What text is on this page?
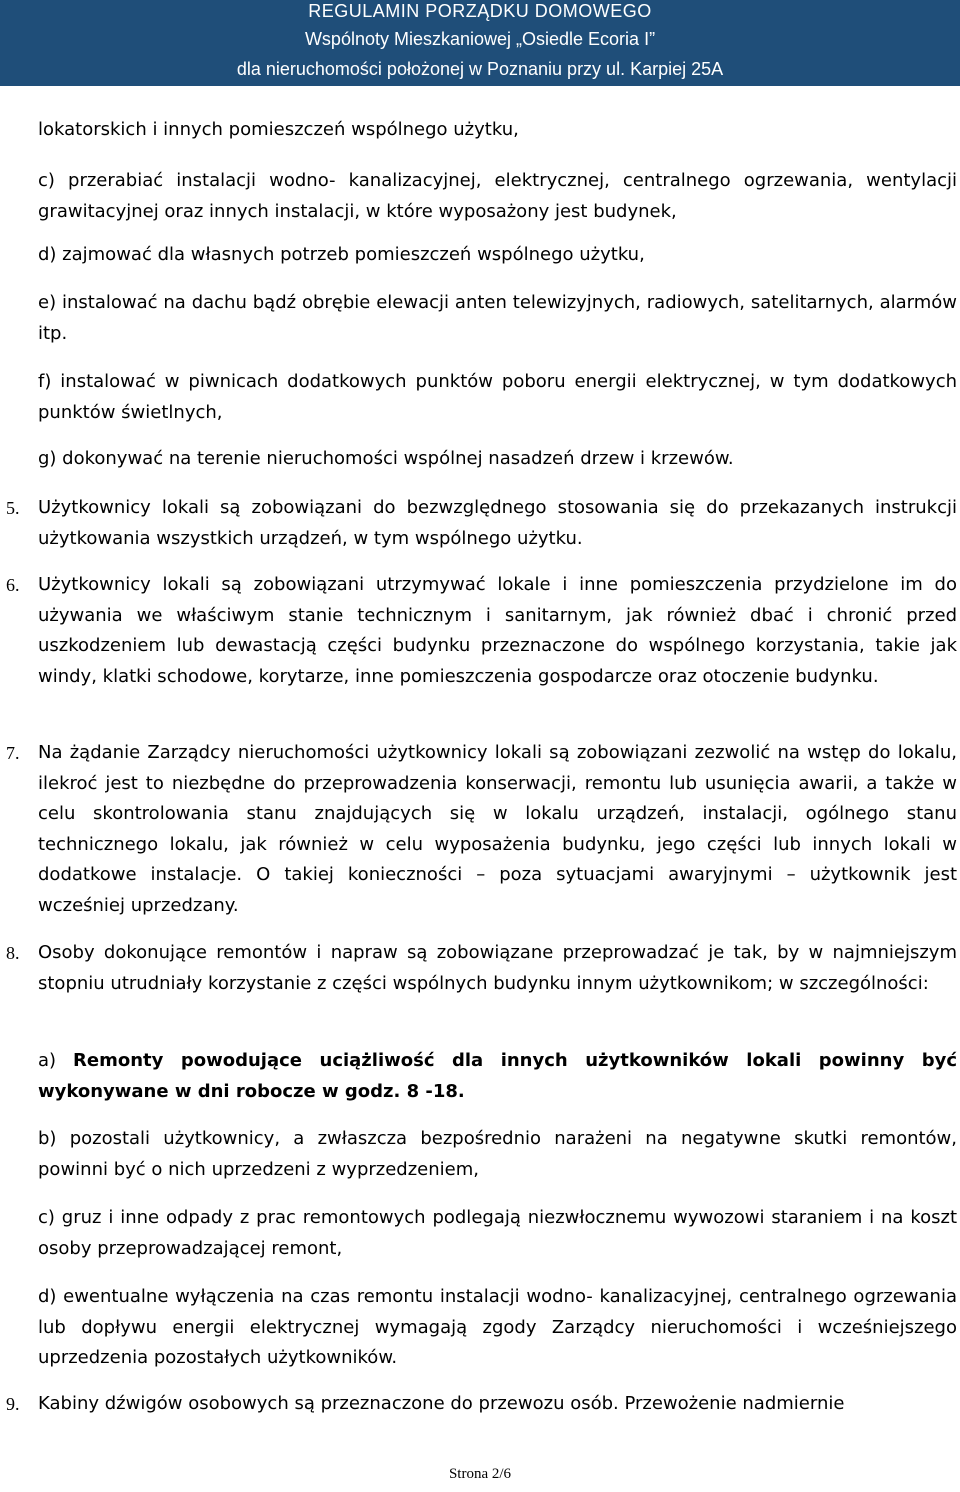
REGULAMIN PORZĄDKU DOMOWEGO
Wspólnoty Mieszkaniowej „Osiedle Ecoria I”
dla nieruchomości położonej w Poznaniu przy ul. Karpiej 25A
lokatorskich i innych pomieszczeń wspólnego użytku,
c) przerabiać instalacji wodno- kanalizacyjnej, elektrycznej, centralnego ogrzewania, wentylacji grawitacyjnej oraz innych instalacji, w które wyposażony jest budynek,
d) zajmować dla własnych potrzeb pomieszczeń wspólnego użytku,
e) instalować na dachu bądź obrębie elewacji anten telewizyjnych, radiowych, satelitarnych, alarmów itp.
f) instalować w piwnicach dodatkowych punktów poboru energii elektrycznej, w tym dodatkowych punktów świetlnych,
g) dokonywać na terenie nieruchomości wspólnej nasadzeń drzew i krzewów.
5.	Użytkownicy lokali są zobowiązani do bezwzględnego stosowania się do przekazanych instrukcji użytkowania wszystkich urządzeń, w tym wspólnego użytku.
6.	Użytkownicy lokali są zobowiązani utrzymywać lokale i inne pomieszczenia przydzielone im do używania we właściwym stanie technicznym i sanitarnym, jak również dbać i chronić przed uszkodzeniem lub dewastacją części budynku przeznaczone do wspólnego korzystania, takie jak windy, klatki schodowe, korytarze, inne pomieszczenia gospodarcze oraz otoczenie budynku.
7.	Na żądanie Zarządcy nieruchomości użytkownicy lokali są zobowiązani zezwolić na wstęp do lokalu, ilekroć jest to niezbędne do przeprowadzenia konserwacji, remontu lub usunięcia awarii, a także w celu skontrolowania stanu znajdujących się w lokalu urządzeń, instalacji, ogólnego stanu technicznego lokalu, jak również w celu wyposażenia budynku, jego części lub innych lokali w dodatkowe instalacje. O takiej konieczności – poza sytuacjami awaryjnymi – użytkownik jest wcześniej uprzedzany.
8.	Osoby dokonujące remontów i napraw są zobowiązane przeprowadzać je tak, by w najmniejszym stopniu utrudniały korzystanie z części wspólnych budynku innym użytkownikom; w szczególności:
a) Remonty powodujące uciążliwość dla innych użytkowników lokali powinny być wykonywane w dni robocze w godz. 8 -18.
b) pozostali użytkownicy, a zwłaszcza bezpośrednio narażeni na negatywne skutki remontów, powinni być o nich uprzedzeni z wyprzedzeniem,
c) gruz i inne odpady z prac remontowych podlegają niezwłocznemu wywozowi staraniem i na koszt osoby przeprowadzającej remont,
d) ewentualne wyłączenia na czas remontu instalacji wodno- kanalizacyjnej, centralnego ogrzewania lub dopływu energii elektrycznej wymagają zgody Zarządcy nieruchomości i wcześniejszego uprzedzenia pozostałych użytkowników.
9.	Kabiny dźwigów osobowych są przeznaczone do przewozu osób. Przewożenie nadmiernie
Strona 2/6
